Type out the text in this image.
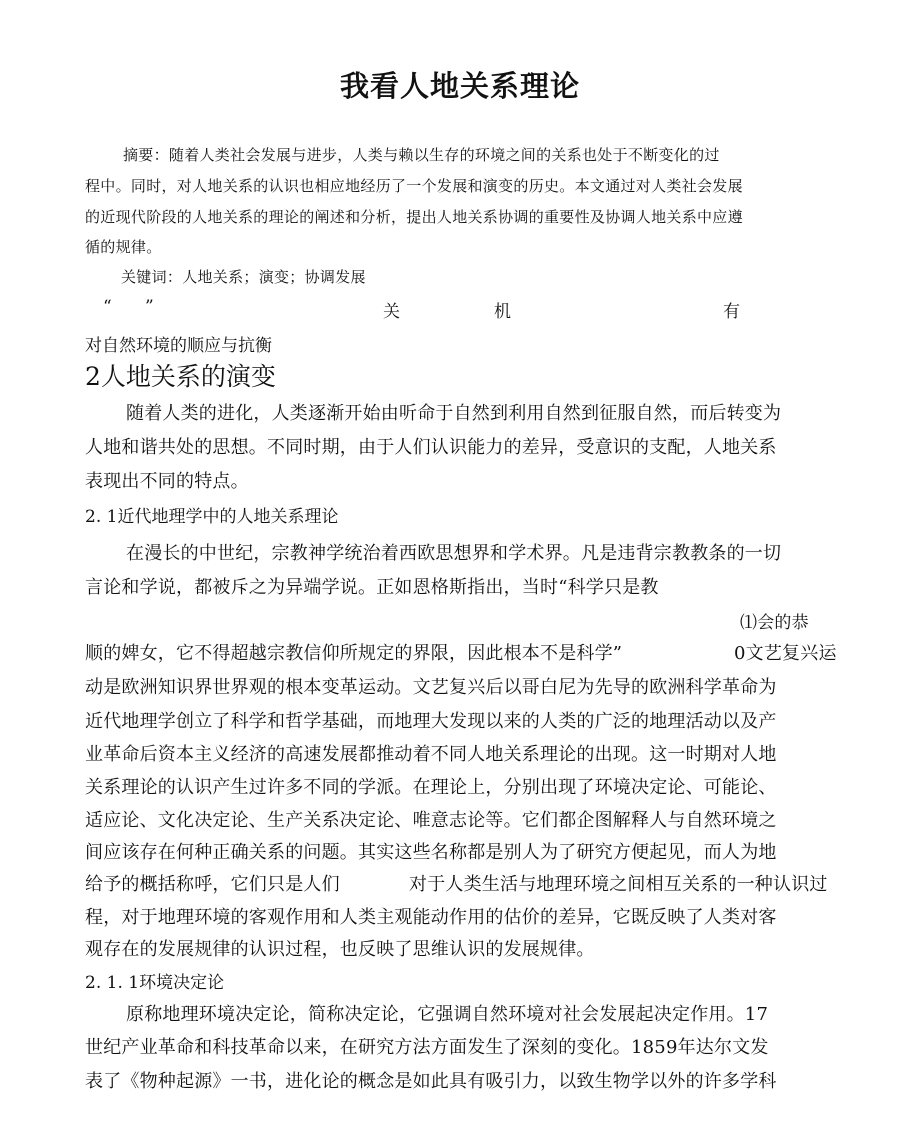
我看人地关系理论

摘要：随着人类社会发展与进步，人类与赖以生存的环境之间的关系也处于不断变化的过

程中。同时，对人地关系的认识也相应地经历了一个发展和演变的历史。本文通过对人类社会发展

的近现代阶段的人地关系的理论的阐述和分析，提出人地关系协调的重要性及协调人地关系中应遵

循的规律。

关键词：人地关系；演变；协调发展

“ ”	关	机	有

对自然环境的顺应与抗衡

2人地关系的演变

随着人类的进化，人类逐渐开始由听命于自然到利用自然到征服自然，而后转变为

人地和谐共处的思想。不同时期，由于人们认识能力的差异，受意识的支配，人地关系

表现出不同的特点。

2. 1近代地理学中的人地关系理论

在漫长的中世纪，宗教神学统治着西欧思想界和学术界。凡是违背宗教教条的一切

言论和学说，都被斥之为异端学说。正如恩格斯指出，当时“科学只是教

⑴会的恭

顺的婢女，它不得超越宗教信仰所规定的界限，因此根本不是科学”	0文艺复兴运

动是欧洲知识界世界观的根本变革运动。文艺复兴后以哥白尼为先导的欧洲科学革命为

近代地理学创立了科学和哲学基础，而地理大发现以来的人类的广泛的地理活动以及产

业革命后资本主义经济的高速发展都推动着不同人地关系理论的出现。这一时期对人地

关系理论的认识产生过许多不同的学派。在理论上，分别出现了环境决定论、可能论、

适应论、文化决定论、生产关系决定论、唯意志论等。它们都企图解释人与自然环境之

间应该存在何种正确关系的问题。其实这些名称都是别人为了研究方便起见，而人为地

给予的概括称呼，它们只是人们	对于人类生活与地理环境之间相互关系的一种认识过

程，对于地理环境的客观作用和人类主观能动作用的估价的差异，它既反映了人类对客

观存在的发展规律的认识过程，也反映了思维认识的发展规律。

2. 1. 1环境决定论

原称地理环境决定论，简称决定论，它强调自然环境对社会发展起决定作用。17

世纪产业革命和科技革命以来，在研究方法方面发生了深刻的变化。1859年达尔文发

表了《物种起源》一书，进化论的概念是如此具有吸引力，以致生物学以外的许多学科
